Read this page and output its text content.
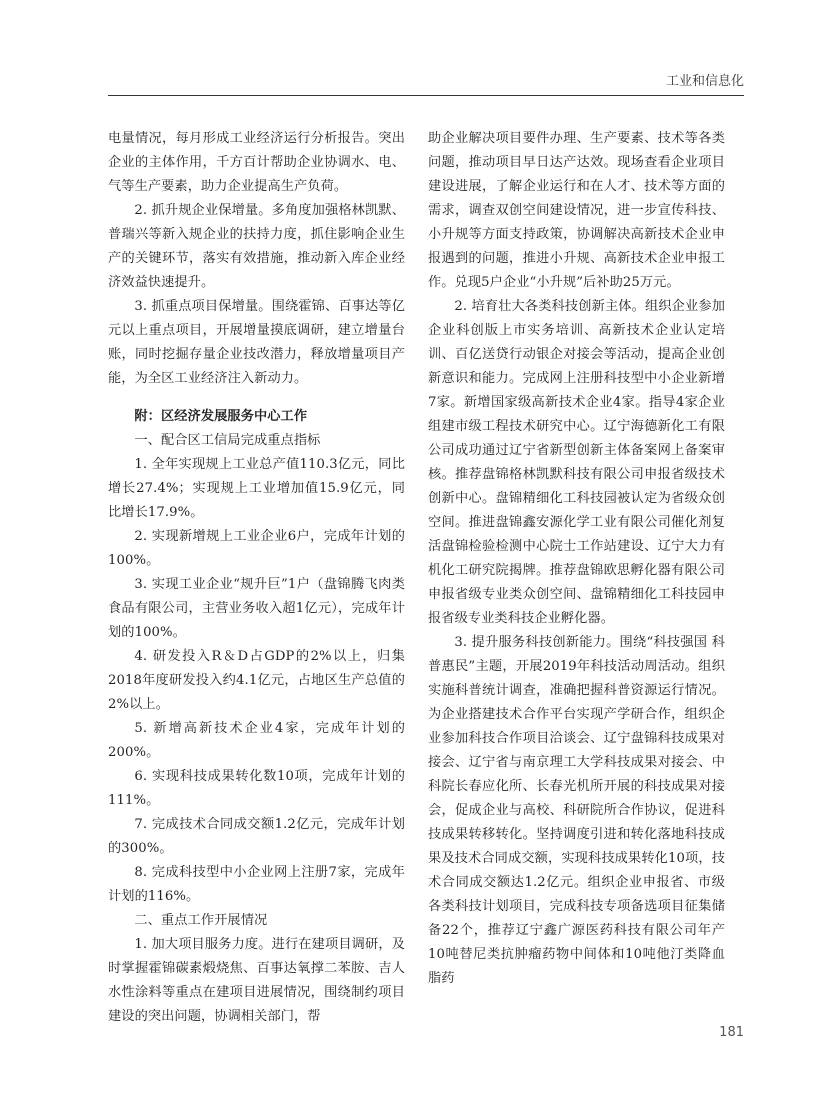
工业和信息化

电量情况，每月形成工业经济运行分析报告。突出企业的主体作用，千方百计帮助企业协调水、电、气等生产要素，助力企业提高生产负荷。

2. 抓升规企业保增量。多角度加强格林凯默、普瑞兴等新入规企业的扶持力度，抓住影响企业生产的关键环节，落实有效措施，推动新入库企业经济效益快速提升。

3. 抓重点项目保增量。围绕霍锦、百事达等亿元以上重点项目，开展增量摸底调研，建立增量台账，同时挖掘存量企业技改潜力，释放增量项目产能，为全区工业经济注入新动力。

附：区经济发展服务中心工作

一、配合区工信局完成重点指标

1. 全年实现规上工业总产值110.3亿元，同比增长27.4%；实现规上工业增加值15.9亿元，同比增长17.9%。

2. 实现新增规上工业企业6户，完成年计划的100%。

3. 实现工业企业“规升巨”1户（盘锦腾飞肉类食品有限公司，主营业务收入超1亿元），完成年计划的100%。

4. 研发投入R＆D占GDP的2%以上，归集2018年度研发投入约4.1亿元，占地区生产总值的2%以上。

5. 新增高新技术企业4家，完成年计划的200%。

6. 实现科技成果转化数10项，完成年计划的111%。

7. 完成技术合同成交额1.2亿元，完成年计划的300%。

8. 完成科技型中小企业网上注册7家，完成年计划的116%。

二、重点工作开展情况

1. 加大项目服务力度。进行在建项目调研，及时掌握霍锦碳素煅烧焦、百事达氧撑二苯胺、吉人水性涂料等重点在建项目进展情况，围绕制约项目建设的突出问题，协调相关部门，帮

助企业解决项目要件办理、生产要素、技术等各类问题，推动项目早日达产达效。现场查看企业项目建设进展，了解企业运行和在人才、技术等方面的需求，调查双创空间建设情况，进一步宣传科技、小升规等方面支持政策，协调解决高新技术企业申报遇到的问题，推进小升规、高新技术企业申报工作。兑现5户企业“小升规”后补助25万元。

2. 培育壮大各类科技创新主体。组织企业参加企业科创版上市实务培训、高新技术企业认定培训、百亿送贷行动银企对接会等活动，提高企业创新意识和能力。完成网上注册科技型中小企业新增7家。新增国家级高新技术企业4家。指导4家企业组建市级工程技术研究中心。辽宁海德新化工有限公司成功通过辽宁省新型创新主体备案网上备案审核。推荐盘锦格林凯默科技有限公司申报省级技术创新中心。盘锦精细化工科技园被认定为省级众创空间。推进盘锦鑫安源化学工业有限公司催化剂复活盘锦检验检测中心院士工作站建设、辽宁大力有机化工研究院揭牌。推荐盘锦欧思孵化器有限公司申报省级专业类众创空间、盘锦精细化工科技园申报省级专业类科技企业孵化器。

3. 提升服务科技创新能力。围绕“科技强国 科普惠民”主题，开展2019年科技活动周活动。组织实施科普统计调查，准确把握科普资源运行情况。为企业搭建技术合作平台实现产学研合作，组织企业参加科技合作项目洽谈会、辽宁盘锦科技成果对接会、辽宁省与南京理工大学科技成果对接会、中科院长春应化所、长春光机所开展的科技成果对接会，促成企业与高校、科研院所合作协议，促进科技成果转移转化。坚持调度引进和转化落地科技成果及技术合同成交额，实现科技成果转化10项，技术合同成交额达1.2亿元。组织企业申报省、市级各类科技计划项目，完成科技专项备选项目征集储备22个，推荐辽宁鑫广源医药科技有限公司年产10吨替尼类抗肿瘤药物中间体和10吨他汀类降血脂药

181
